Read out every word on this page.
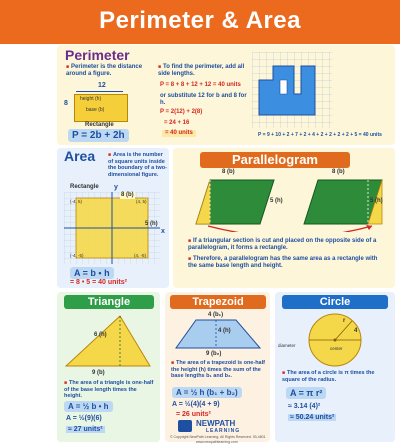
Perimeter & Area
Perimeter
■ Perimeter is the distance around a figure.
12
8
height (h)
base (b)
Rectangle
P = 2b + 2h
■ To find the perimeter, add all side lengths.
P = 8 + 8 + 12 + 12 = 40 units
or substitute 12 for b and 8 for h.
P = 2(12) + 2(8)
= 24 + 16
= 40 units	P = 9 + 10 + 2 + 7 + 2 + 4 + 2 + 2 + 2 + 2 + 5 = 40 units
Area
■	Area is the number of square units inside the boundary of a two-dimensional figure.
Rectangle y
x
(-4, 5)	(4, 5)
(-4, -5)	(4, -5)
8 (b)
5 (h)
A = b • h
= 8 • 5 = 40 units²
Parallelogram
8 (b)	8 (b)
5 (h)	5 (h)
■ If a triangular section is cut and placed on the opposite side of a parallelogram, it forms a rectangle.
■ Therefore, a parallelogram has the same area as a rectangle with the same base length and height.
Triangle
6 (h)
9 (b)
■ The area of a triangle is one-half of the base length times the height.
A = ½ b • h
A = ½(9)(6)
≈ 27 units²
Trapezoid
4 (b₁)
4 (h)
9 (b₂)
■ The area of a trapezoid is one-half the height (h) times the sum of the base lengths b₁ and b₂.
A = ½ h (b₁ + b₂)
A = ½(4)(4 + 9)
= 26 units²
NEWPATH
LEARNING
© Copyright NewPath Learning. All Rights Reserved. 93-4601
www.newpathlearning.com
Circle
r
4
diameter
center
■ The area of a circle is π times the square of the radius.
A = π r²
≈ 3.14 (4)²
≈ 50.24 units²
